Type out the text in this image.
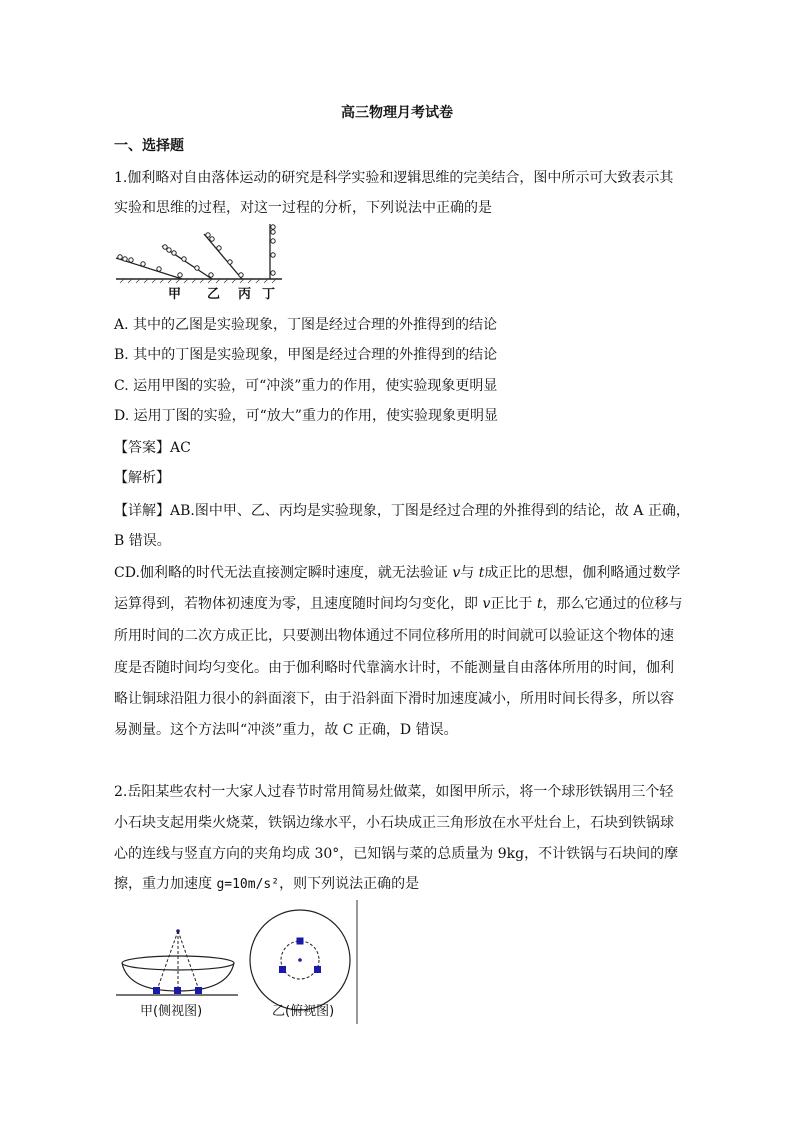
高三物理月考试卷
一、选择题
1.伽利略对自由落体运动的研究是科学实验和逻辑思维的完美结合，图中所示可大致表示其
实验和思维的过程，对这一过程的分析，下列说法中正确的是
甲 乙 丙 丁
A. 其中的乙图是实验现象，丁图是经过合理的外推得到的结论
B. 其中的丁图是实验现象，甲图是经过合理的外推得到的结论
C. 运用甲图的实验，可“冲淡”重力的作用，使实验现象更明显
D. 运用丁图的实验，可“放大”重力的作用，使实验现象更明显
【答案】AC
【解析】
【详解】AB.图中甲、乙、丙均是实验现象，丁图是经过合理的外推得到的结论，故 A 正确，
B 错误。
CD.伽利略的时代无法直接测定瞬时速度，就无法验证 v与 t成正比的思想，伽利略通过数学
运算得到，若物体初速度为零，且速度随时间均匀变化，即 v正比于 t，那么它通过的位移与
所用时间的二次方成正比，只要测出物体通过不同位移所用的时间就可以验证这个物体的速
度是否随时间均匀变化。由于伽利略时代靠滴水计时，不能测量自由落体所用的时间，伽利
略让铜球沿阻力很小的斜面滚下，由于沿斜面下滑时加速度减小，所用时间长得多，所以容
易测量。这个方法叫“冲淡”重力，故 C 正确，D 错误。
2.岳阳某些农村一大家人过春节时常用简易灶做菜，如图甲所示，将一个球形铁锅用三个轻
小石块支起用柴火烧菜，铁锅边缘水平，小石块成正三角形放在水平灶台上，石块到铁锅球
心的连线与竖直方向的夹角均成 30°，已知锅与菜的总质量为 9kg，不计铁锅与石块间的摩
擦，重力加速度 g=10m/s²，则下列说法正确的是
甲(侧视图)	乙(俯视图)
